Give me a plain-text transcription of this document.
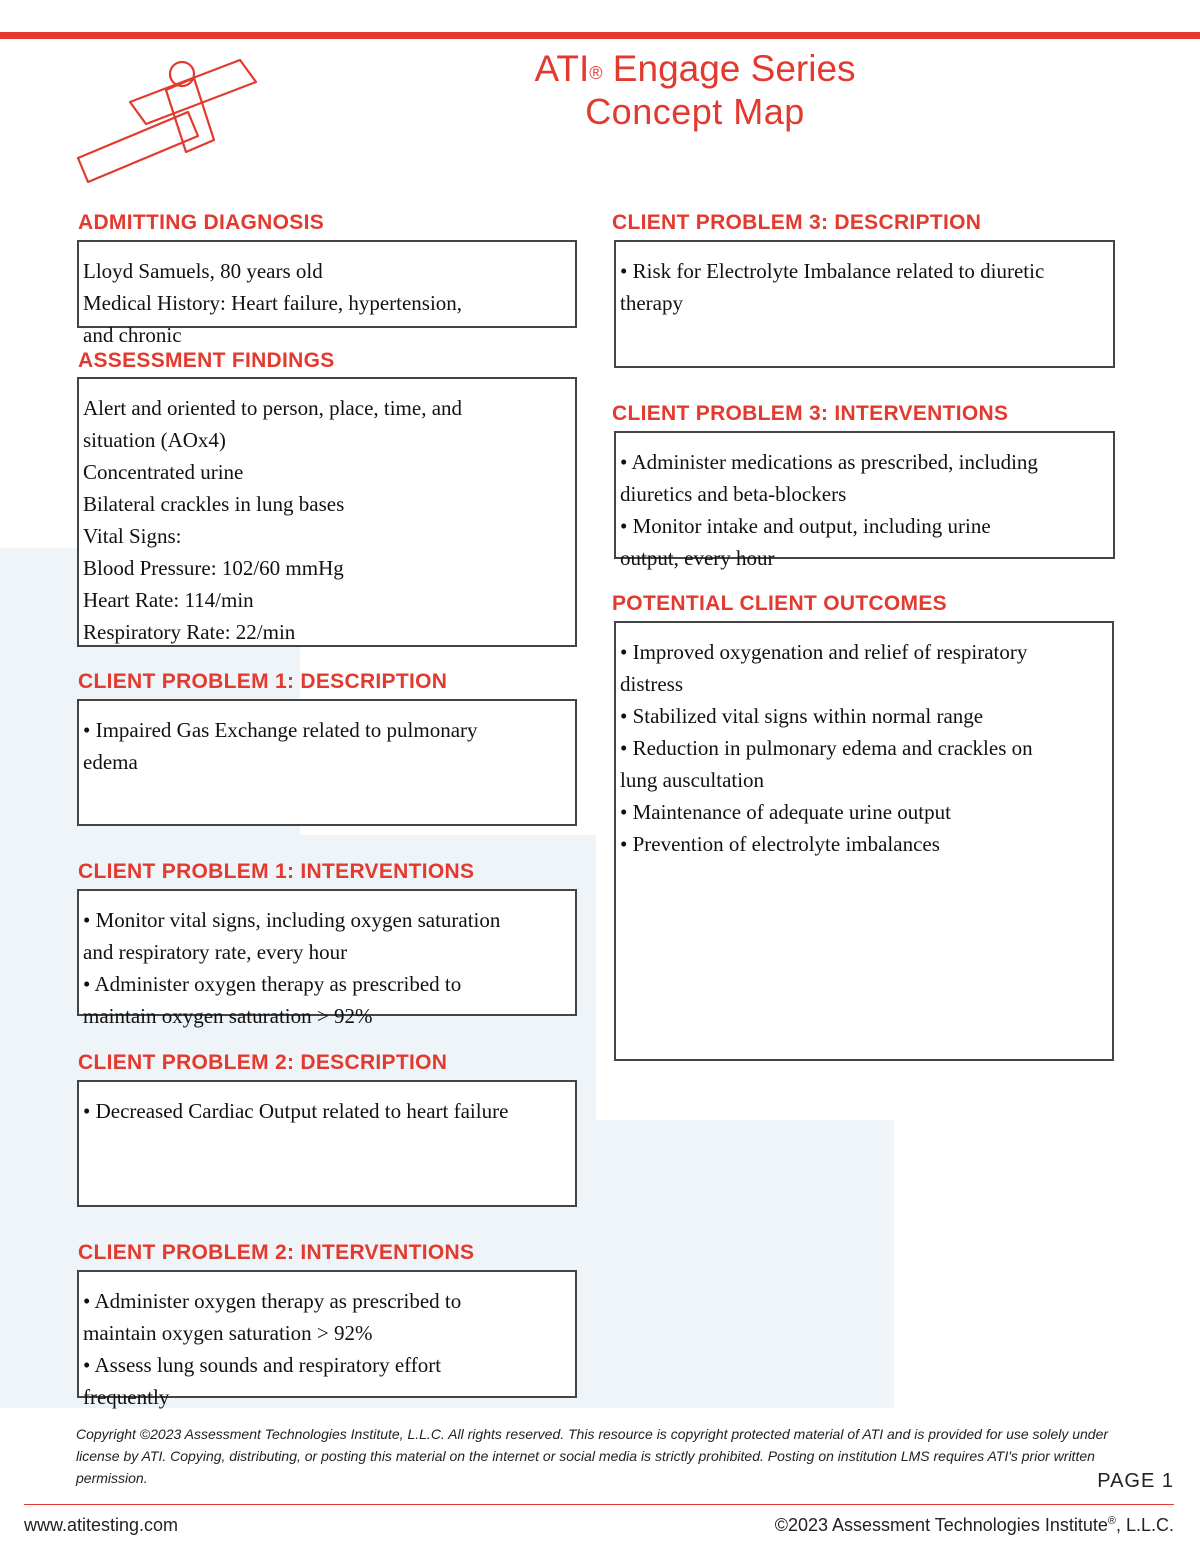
ATI® Engage Series
Concept Map
ADMITTING DIAGNOSIS
Lloyd Samuels, 80 years old
Medical History: Heart failure, hypertension,
and chronic
ASSESSMENT FINDINGS
Alert and oriented to person, place, time, and
situation (AOx4)
Concentrated urine
Bilateral crackles in lung bases
Vital Signs:
Blood Pressure: 102/60 mmHg
Heart Rate: 114/min
Respiratory Rate: 22/min
CLIENT PROBLEM 1: DESCRIPTION
• Impaired Gas Exchange related to pulmonary
edema
CLIENT PROBLEM 1: INTERVENTIONS
• Monitor vital signs, including oxygen saturation
and respiratory rate, every hour
• Administer oxygen therapy as prescribed to
maintain oxygen saturation > 92%
CLIENT PROBLEM 2: DESCRIPTION
• Decreased Cardiac Output related to heart failure
CLIENT PROBLEM 2: INTERVENTIONS
• Administer oxygen therapy as prescribed to
maintain oxygen saturation > 92%
• Assess lung sounds and respiratory effort
frequently
CLIENT PROBLEM 3: DESCRIPTION
• Risk for Electrolyte Imbalance related to diuretic
therapy
CLIENT PROBLEM 3: INTERVENTIONS
• Administer medications as prescribed, including
diuretics and beta-blockers
• Monitor intake and output, including urine
output, every hour
POTENTIAL CLIENT OUTCOMES
• Improved oxygenation and relief of respiratory
distress
• Stabilized vital signs within normal range
• Reduction in pulmonary edema and crackles on
lung auscultation
• Maintenance of adequate urine output
• Prevention of electrolyte imbalances
Copyright ©2023 Assessment Technologies Institute, L.L.C. All rights reserved. This resource is copyright protected material of ATI and is provided for use solely under license by ATI. Copying, distributing, or posting this material on the internet or social media is strictly prohibited. Posting on institution LMS requires ATI's prior written permission.	PAGE 1
www.atitesting.com	©2023 Assessment Technologies Institute®, L.L.C.
